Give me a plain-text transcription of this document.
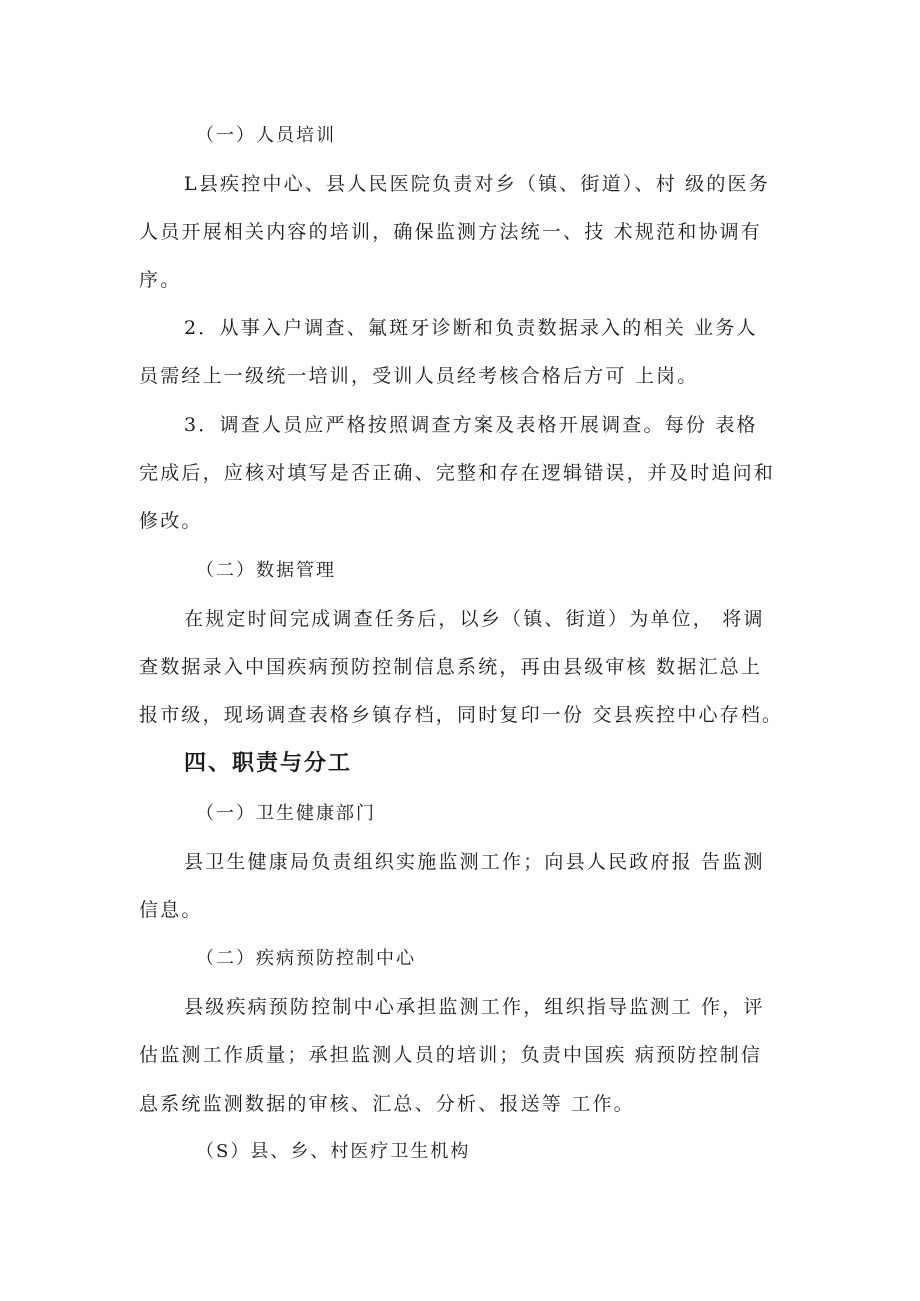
（一）人员培训
L县疾控中心、县人民医院负责对乡（镇、街道）、村 级的医务
人员开展相关内容的培训，确保监测方法统一、技 术规范和协调有
序。
2．从事入户调查、氟斑牙诊断和负责数据录入的相关 业务人
员需经上一级统一培训，受训人员经考核合格后方可 上岗。
3．调查人员应严格按照调查方案及表格开展调查。每份 表格
完成后，应核对填写是否正确、完整和存在逻辑错误，并及时追问和
修改。
（二）数据管理
在规定时间完成调查任务后，以乡（镇、街道）为单位， 将调
查数据录入中国疾病预防控制信息系统，再由县级审核 数据汇总上
报市级，现场调查表格乡镇存档，同时复印一份 交县疾控中心存档。
四、职责与分工
（一）卫生健康部门
县卫生健康局负责组织实施监测工作；向县人民政府报 告监测
信息。
（二）疾病预防控制中心
县级疾病预防控制中心承担监测工作，组织指导监测工 作，评
估监测工作质量；承担监测人员的培训；负责中国疾 病预防控制信
息系统监测数据的审核、汇总、分析、报送等 工作。
（S）县、乡、村医疗卫生机构
